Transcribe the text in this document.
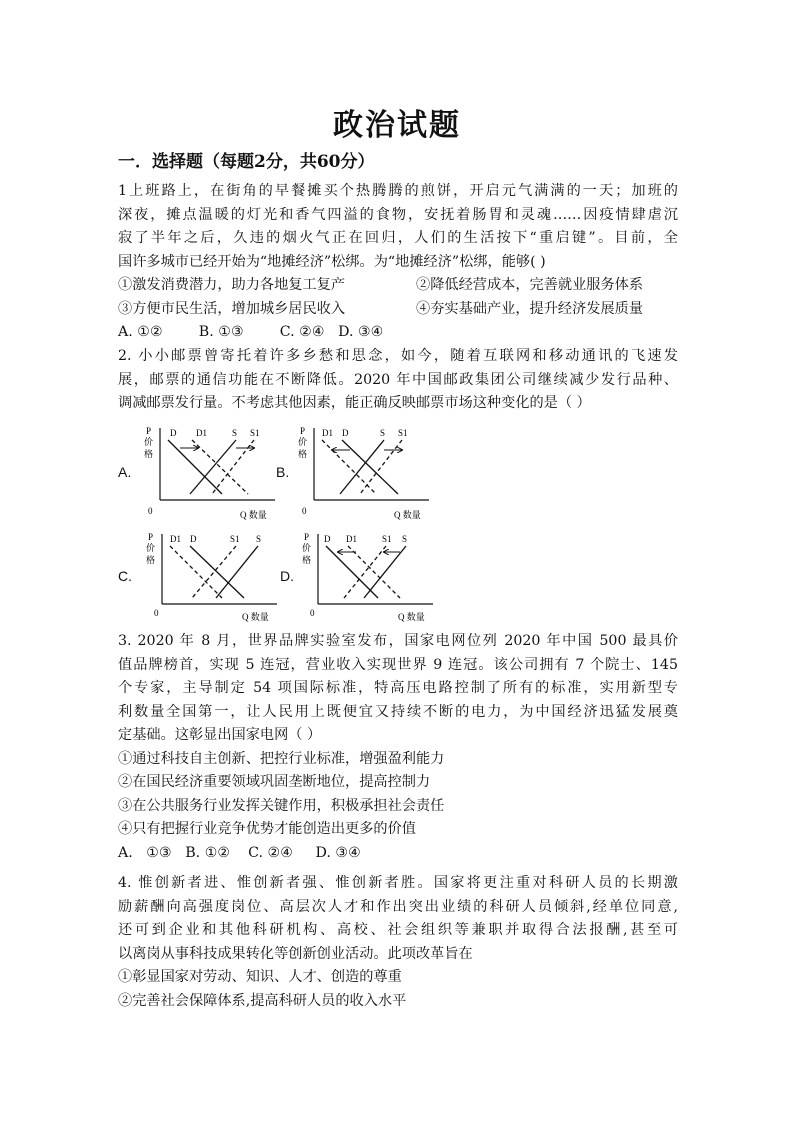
政治试题
一．选择题（每题2分，共60分）
1上班路上，在街角的早餐摊买个热腾腾的煎饼，开启元气满满的一天；加班的
深夜，摊点温暖的灯光和香气四溢的食物，安抚着肠胃和灵魂……因疫情肆虐沉
寂了半年之后，久违的烟火气正在回归，人们的生活按下“重启键”。目前，全
国许多城市已经开始为“地摊经济”松绑。为“地摊经济”松绑，能够( )
①激发消费潜力，助力各地复工复产	②降低经营成本，完善就业服务体系
③方便市民生活，增加城乡居民收入	④夯实基础产业，提升经济发展质量
A. ①②        B. ①③        C. ②④   D. ③④
2. 小小邮票曾寄托着许多乡愁和思念，如今，随着互联网和移动通讯的飞速发
展，邮票的通信功能在不断降低。2020 年中国邮政集团公司继续减少发行品种、
调减邮票发行量。不考虑其他因素，能正确反映邮票市场这种变化的是（ ）
A.
P
价
格
0	Q 数量
D D1	S S1
B.
P
价
格
0	Q 数量
D1 D	S S1
C.
P
价
格
0	Q 数量
D1 D	S1 S
D.
P
价
格
0	Q 数量
D D1	S1 S
3. 2020 年 8 月，世界品牌实验室发布，国家电网位列 2020 年中国 500 最具价
值品牌榜首，实现 5 连冠，营业收入实现世界 9 连冠。该公司拥有 7 个院士、145
个专家，主导制定 54 项国际标准，特高压电路控制了所有的标准，实用新型专
利数量全国第一，让人民用上既便宜又持续不断的电力，为中国经济迅猛发展奠
定基础。这彰显出国家电网（ ）
①通过科技自主创新、把控行业标准，增强盈利能力
②在国民经济重要领域巩固垄断地位，提高控制力
③在公共服务行业发挥关键作用，积极承担社会责任
④只有把握行业竞争优势才能创造出更多的价值
A.   ①③   B. ①②    C. ②④     D. ③④
4. 惟创新者进、惟创新者强、惟创新者胜。国家将更注重对科研人员的长期激
励薪酬向高强度岗位、高层次人才和作出突出业绩的科研人员倾斜,经单位同意,
还可到企业和其他科研机构、高校、社会组织等兼职并取得合法报酬,甚至可
以离岗从事科技成果转化等创新创业活动。此项改革旨在
①彰显国家对劳动、知识、人才、创造的尊重
②完善社会保障体系,提高科研人员的收入水平
